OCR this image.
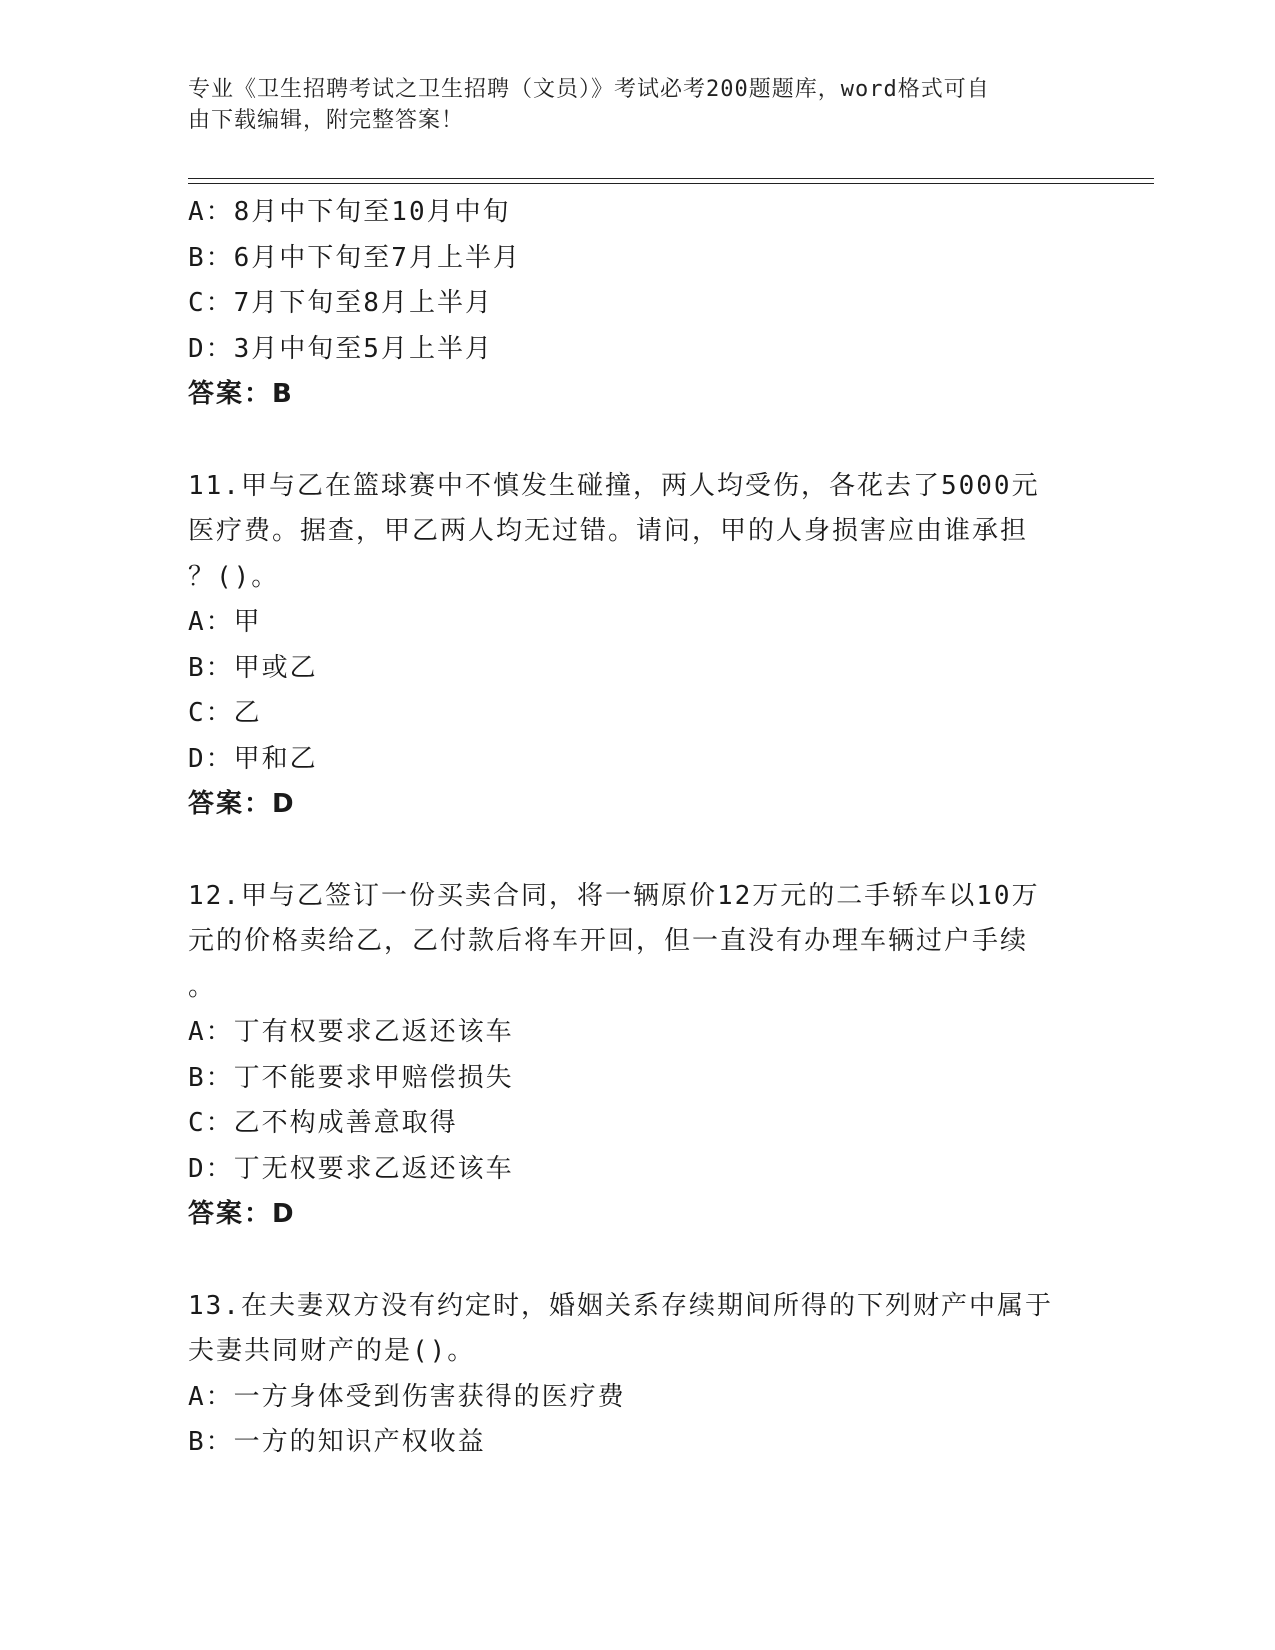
专业《卫生招聘考试之卫生招聘（文员）》考试必考200题题库，word格式可自
由下载编辑，附完整答案！
A：8月中下旬至10月中旬
B：6月中下旬至7月上半月
C：7月下旬至8月上半月
D：3月中旬至5月上半月
答案：B
11.甲与乙在篮球赛中不慎发生碰撞，两人均受伤，各花去了5000元
医疗费。据查，甲乙两人均无过错。请问，甲的人身损害应由谁承担
？()。
A：甲
B：甲或乙
C：乙
D：甲和乙
答案：D
12.甲与乙签订一份买卖合同，将一辆原价12万元的二手轿车以10万
元的价格卖给乙，乙付款后将车开回，但一直没有办理车辆过户手续
。
A：丁有权要求乙返还该车
B：丁不能要求甲赔偿损失
C：乙不构成善意取得
D：丁无权要求乙返还该车
答案：D
13.在夫妻双方没有约定时，婚姻关系存续期间所得的下列财产中属于
夫妻共同财产的是()。
A：一方身体受到伤害获得的医疗费
B：一方的知识产权收益
